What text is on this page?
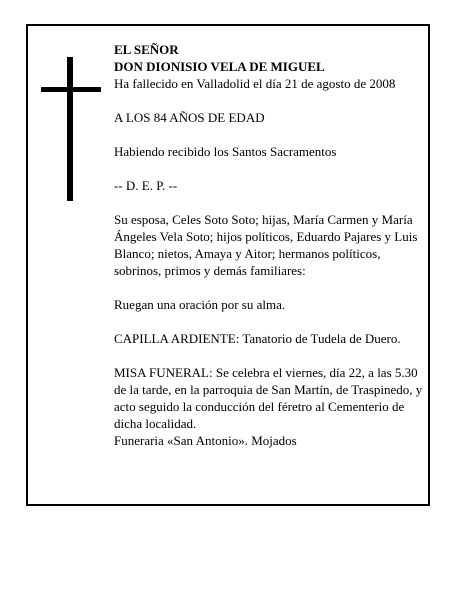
EL SEÑOR

DON DIONISIO VELA DE MIGUEL

Ha fallecido en Valladolid el día 21 de agosto de 2008

A LOS 84 AÑOS DE EDAD

Habiendo recibido los Santos Sacramentos

-- D. E. P. --

Su esposa, Celes Soto Soto; hijas, María Carmen y María Ángeles Vela Soto; hijos políticos, Eduardo Pajares y Luis Blanco; nietos, Amaya y Aitor; hermanos políticos, sobrinos, primos y demás familiares:

Ruegan una oración por su alma.

CAPILLA ARDIENTE: Tanatorio de Tudela de Duero.

MISA FUNERAL: Se celebra el viernes, día 22, a las 5.30 de la tarde, en la parroquia de San Martín, de Traspinedo, y acto seguido la conducción del féretro al Cementerio de dicha localidad.

Funeraria «San Antonio». Mojados
